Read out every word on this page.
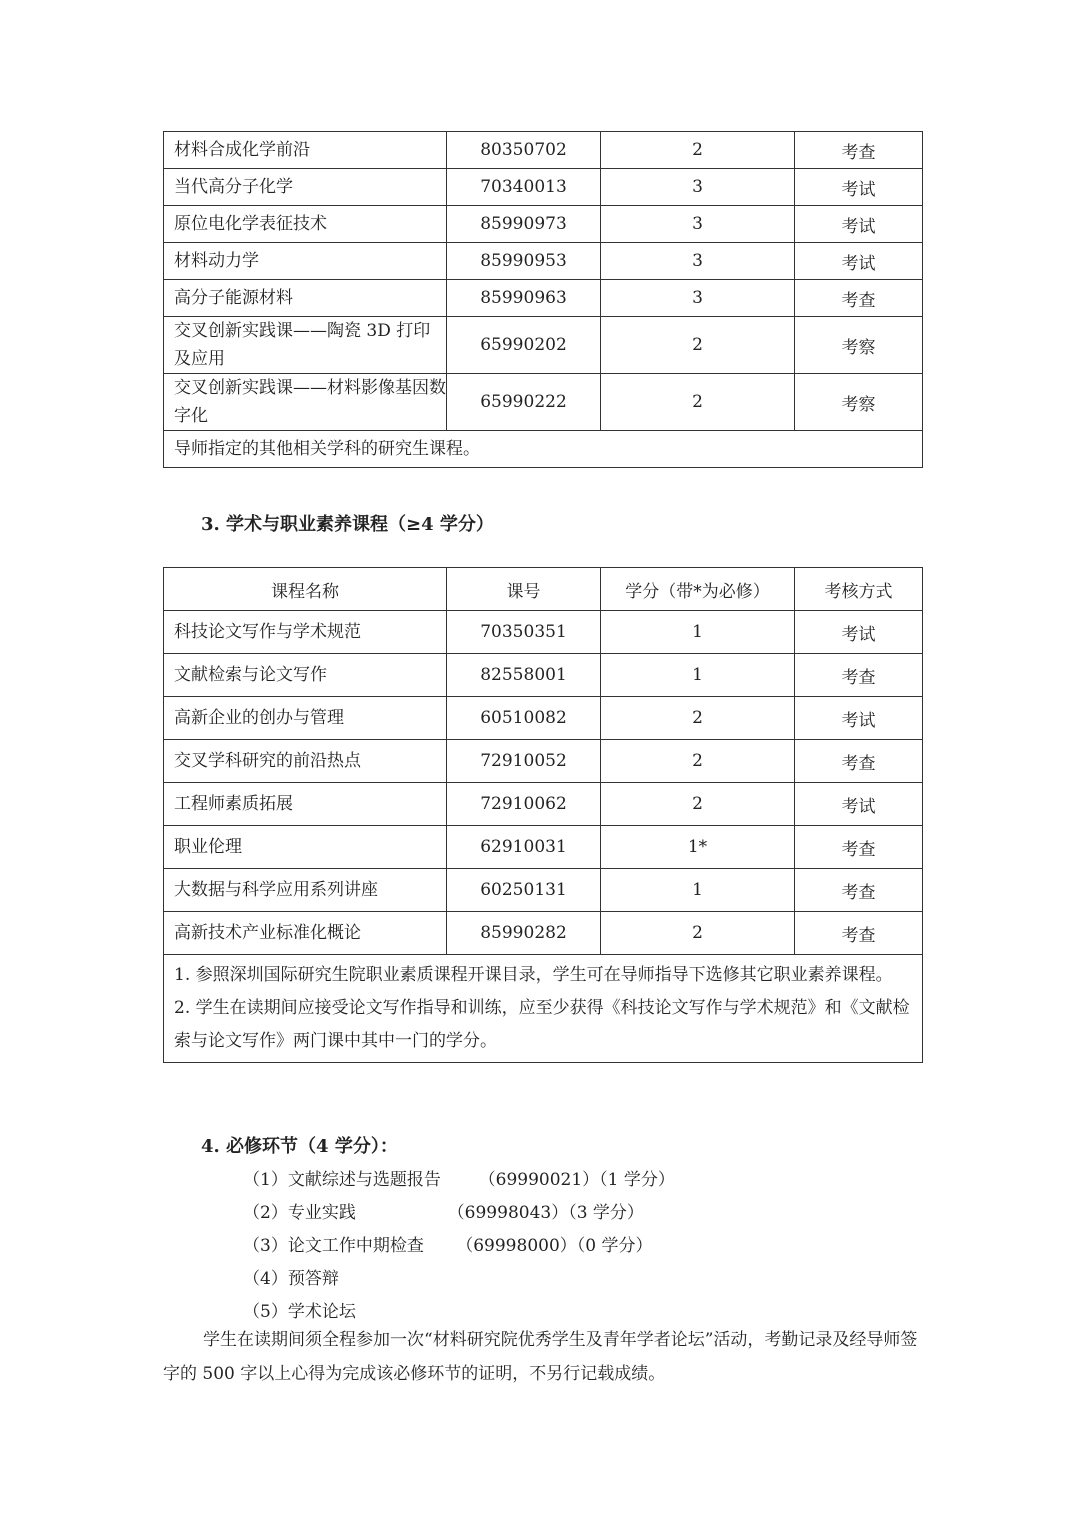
材料合成化学前沿	80350702	2	考查
当代高分子化学	70340013	3	考试
原位电化学表征技术	85990973	3	考试
材料动力学	85990953	3	考试
高分子能源材料	85990963	3	考查
交叉创新实践课——陶瓷 3D 打印及应用	65990202	2	考察
交叉创新实践课——材料影像基因数字化	65990222	2	考察
导师指定的其他相关学科的研究生课程。			
3. 学术与职业素养课程（≥4 学分）
课程名称	课号	学分（带*为必修）	考核方式
科技论文写作与学术规范	70350351	1	考试
文献检索与论文写作	82558001	1	考查
高新企业的创办与管理	60510082	2	考试
交叉学科研究的前沿热点	72910052	2	考查
工程师素质拓展	72910062	2	考试
职业伦理	62910031	1*	考查
大数据与科学应用系列讲座	60250131	1	考查
高新技术产业标准化概论	85990282	2	考查

1. 参照深圳国际研究生院职业素质课程开课目录，学生可在导师指导下选修其它职业素养课程。
2. 学生在读期间应接受论文写作指导和训练，应至少获得《科技论文写作与学术规范》和《文献检索与论文写作》两门课中其中一门的学分。			
4. 必修环节（4 学分）：
（1）文献综述与选题报告       （69990021）（1 学分）
（2）专业实践                 （69998043）（3 学分）
（3）论文工作中期检查      （69998000）（0 学分）
（4）预答辩
（5）学术论坛
学生在读期间须全程参加一次“材料研究院优秀学生及青年学者论坛”活动，考勤记录及经导师签字的 500 字以上心得为完成该必修环节的证明，不另行记载成绩。
